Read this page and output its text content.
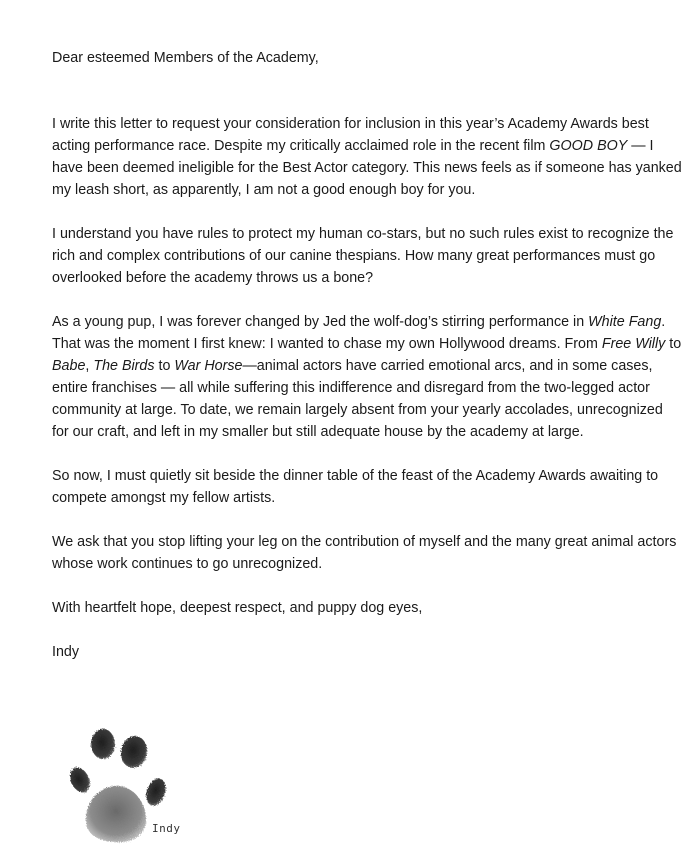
Dear esteemed Members of the Academy,

I write this letter to request your consideration for inclusion in this year’s Academy Awards best acting performance race. Despite my critically acclaimed role in the recent film GOOD BOY — I have been deemed ineligible for the Best Actor category. This news feels as if someone has yanked my leash short, as apparently, I am not a good enough boy for you.

I understand you have rules to protect my human co-stars, but no such rules exist to recognize the rich and complex contributions of our canine thespians. How many great performances must go overlooked before the academy throws us a bone?

As a young pup, I was forever changed by Jed the wolf-dog’s stirring performance in White Fang. That was the moment I first knew: I wanted to chase my own Hollywood dreams. From Free Willy to Babe, The Birds to War Horse—animal actors have carried emotional arcs, and in some cases, entire franchises — all while suffering this indifference and disregard from the two-legged actor community at large. To date, we remain largely absent from your yearly accolades, unrecognized for our craft, and left in my smaller but still adequate house by the academy at large.

So now, I must quietly sit beside the dinner table of the feast of the Academy Awards awaiting to compete amongst my fellow artists.

We ask that you stop lifting your leg on the contribution of myself and the many great animal actors whose work continues to go unrecognized.

With heartfelt hope, deepest respect, and puppy dog eyes,

Indy

Indy
